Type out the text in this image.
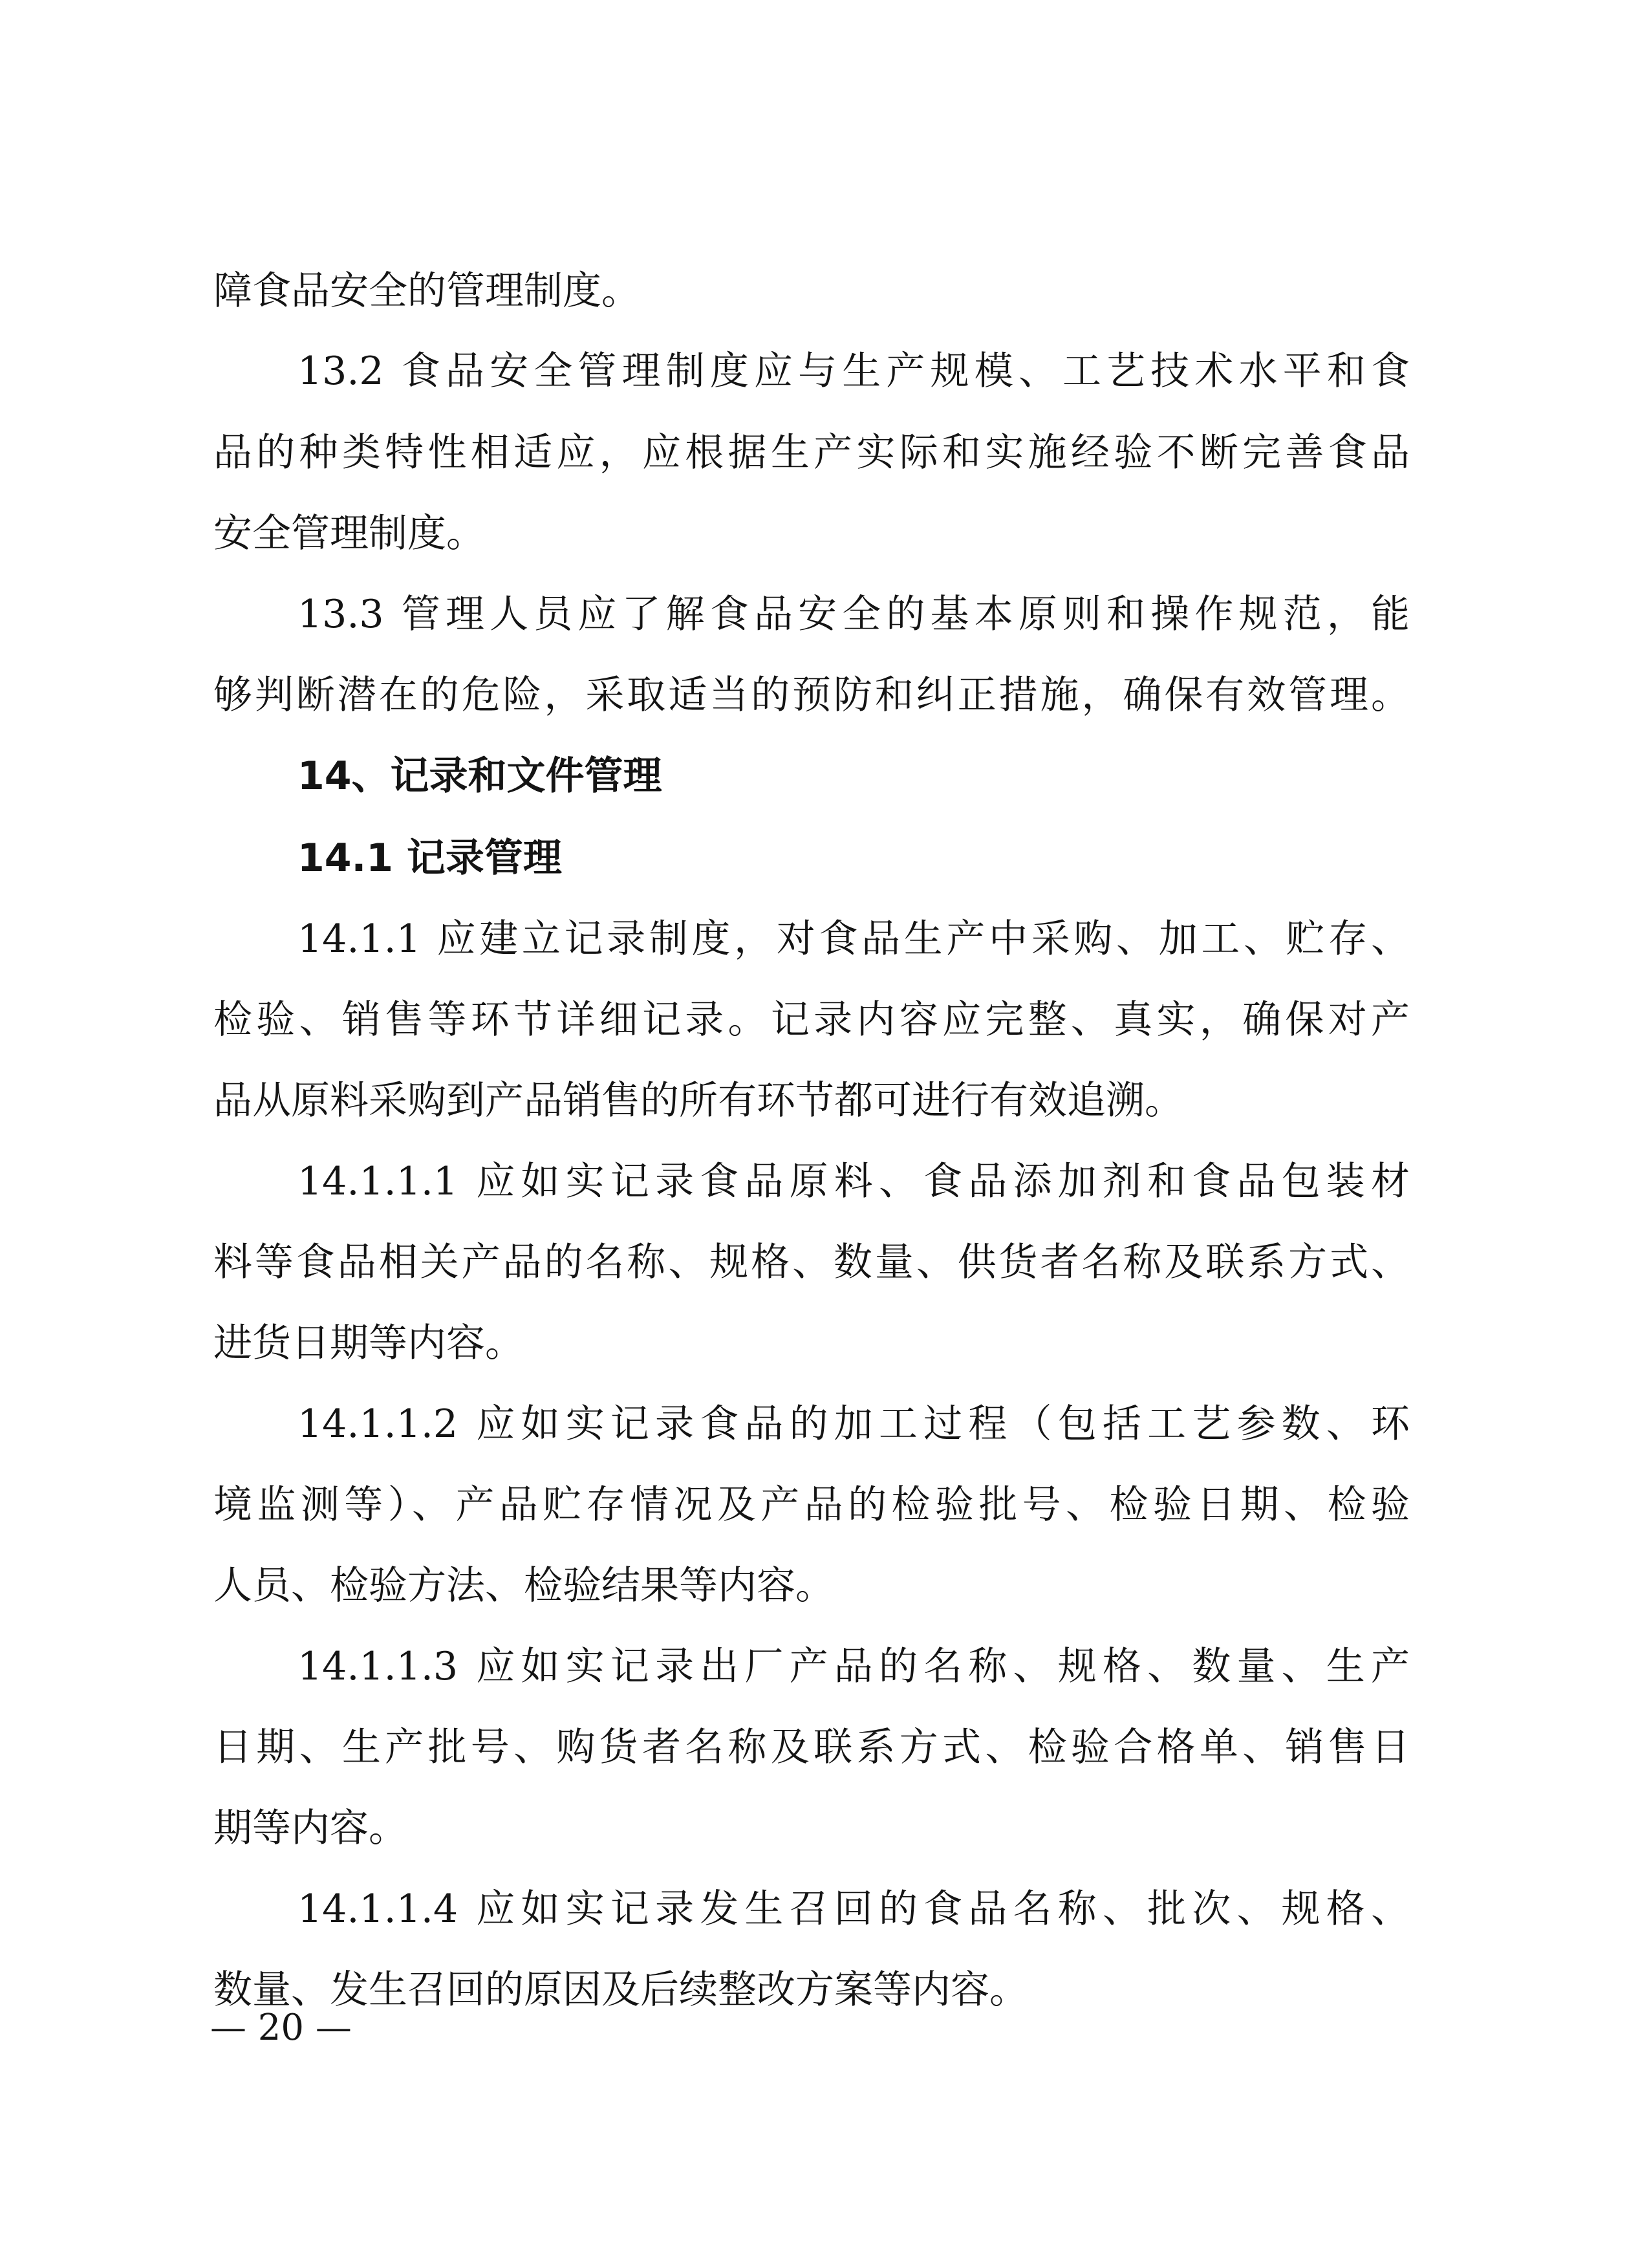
障食品安全的管理制度。
13.2 食品安全管理制度应与生产规模、工艺技术水平和食
品的种类特性相适应，应根据生产实际和实施经验不断完善食品
安全管理制度。
13.3 管理人员应了解食品安全的基本原则和操作规范，能
够判断潜在的危险，采取适当的预防和纠正措施，确保有效管理。
14、记录和文件管理
14.1 记录管理
14.1.1 应建立记录制度，对食品生产中采购、加工、贮存、
检验、销售等环节详细记录。记录内容应完整、真实，确保对产
品从原料采购到产品销售的所有环节都可进行有效追溯。
14.1.1.1 应如实记录食品原料、食品添加剂和食品包装材
料等食品相关产品的名称、规格、数量、供货者名称及联系方式、
进货日期等内容。
14.1.1.2 应如实记录食品的加工过程（包括工艺参数、环
境监测等）、产品贮存情况及产品的检验批号、检验日期、检验
人员、检验方法、检验结果等内容。
14.1.1.3 应如实记录出厂产品的名称、规格、数量、生产
日期、生产批号、购货者名称及联系方式、检验合格单、销售日
期等内容。
14.1.1.4 应如实记录发生召回的食品名称、批次、规格、
数量、发生召回的原因及后续整改方案等内容。
— 20 —
